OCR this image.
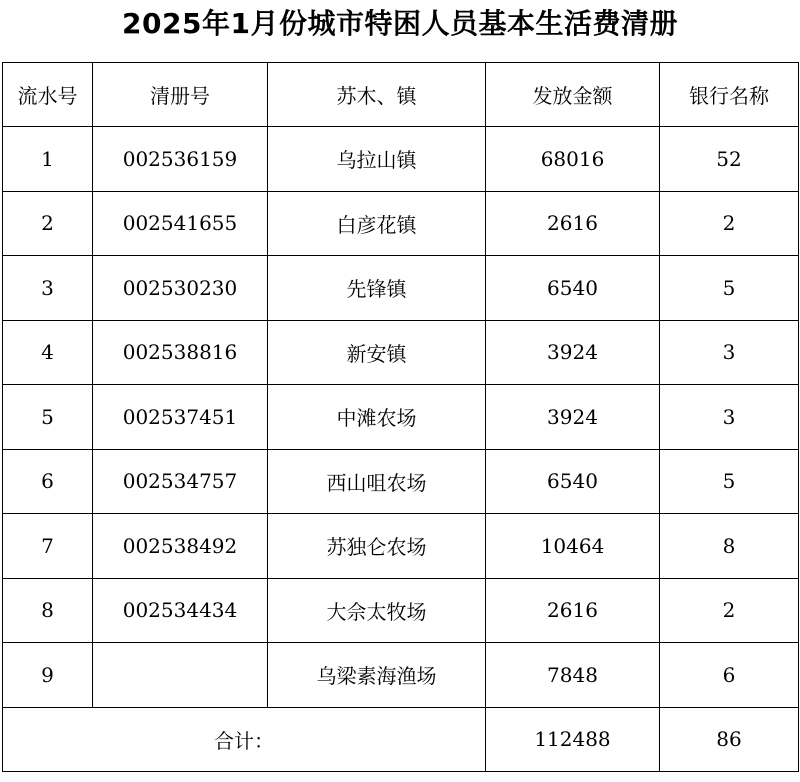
2025年1月份城市特困人员基本生活费清册
流水号	清册号	苏木、镇	发放金额	银行名称
1	002536159	乌拉山镇	68016	52
2	002541655	白彦花镇	2616	2
3	002530230	先锋镇	6540	5
4	002538816	新安镇	3924	3
5	002537451	中滩农场	3924	3
6	002534757	西山咀农场	6540	5
7	002538492	苏独仑农场	10464	8
8	002534434	大佘太牧场	2616	2
9		乌梁素海渔场	7848	6
合计：			112488	86
